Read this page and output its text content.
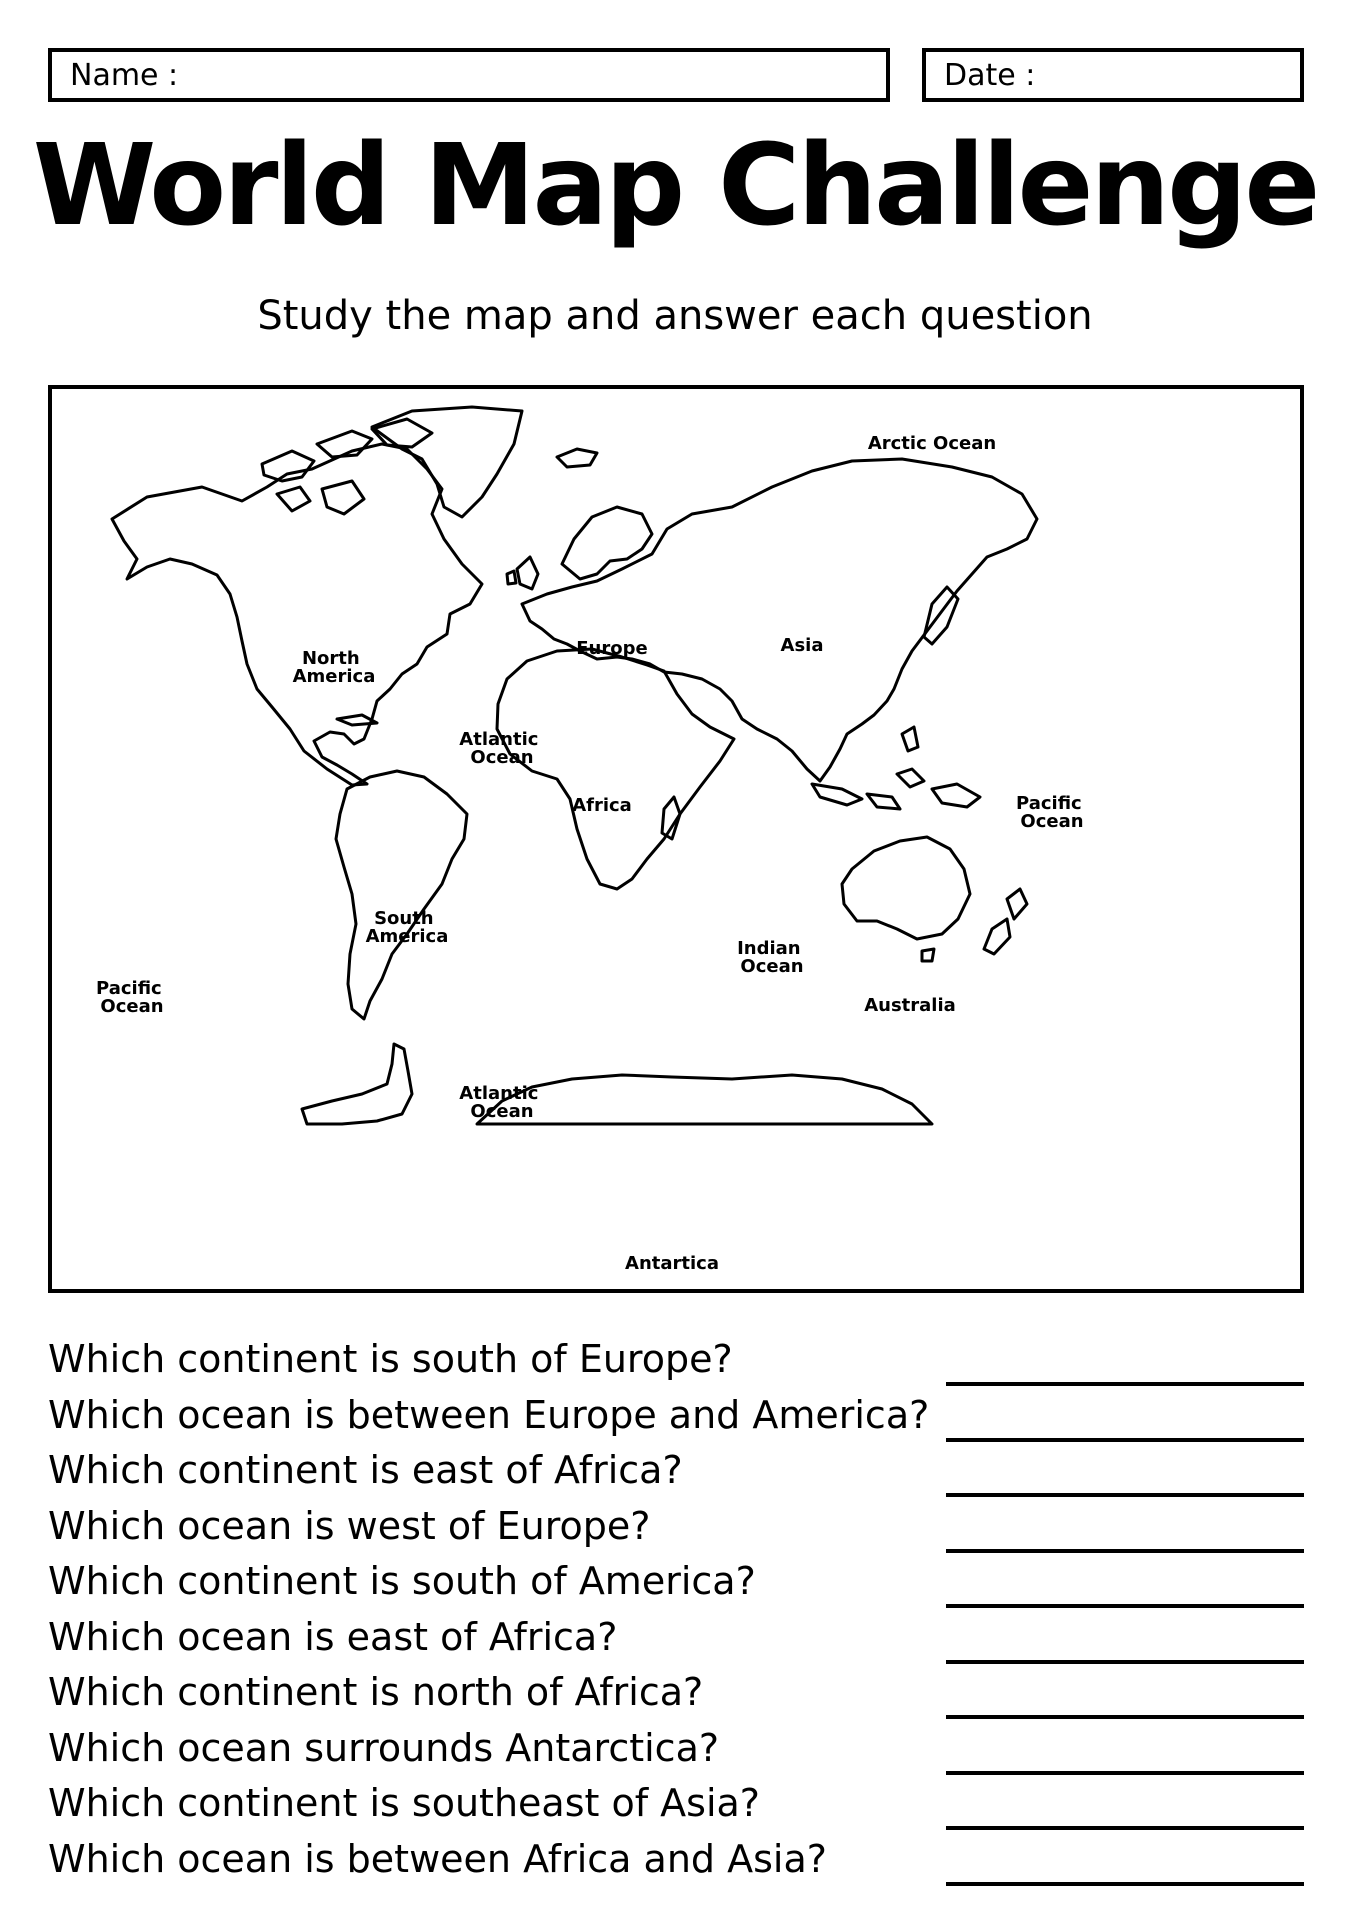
Name :	Date :
World Map Challenge
Study the map and answer each question
Arctic Ocean
North America
Europe	Asia
Atlantic Ocean
Africa	Pacific Ocean
South America
Indian Ocean
Pacific Ocean	Australia
Atlantic Ocean
Antartica
Which continent is south of Europe?
Which ocean is between Europe and America?
Which continent is east of Africa?
Which ocean is west of Europe?
Which continent is south of America?
Which ocean is east of Africa?
Which continent is north of Africa?
Which ocean surrounds Antarctica?
Which continent is southeast of Asia?
Which ocean is between Africa and Asia?
